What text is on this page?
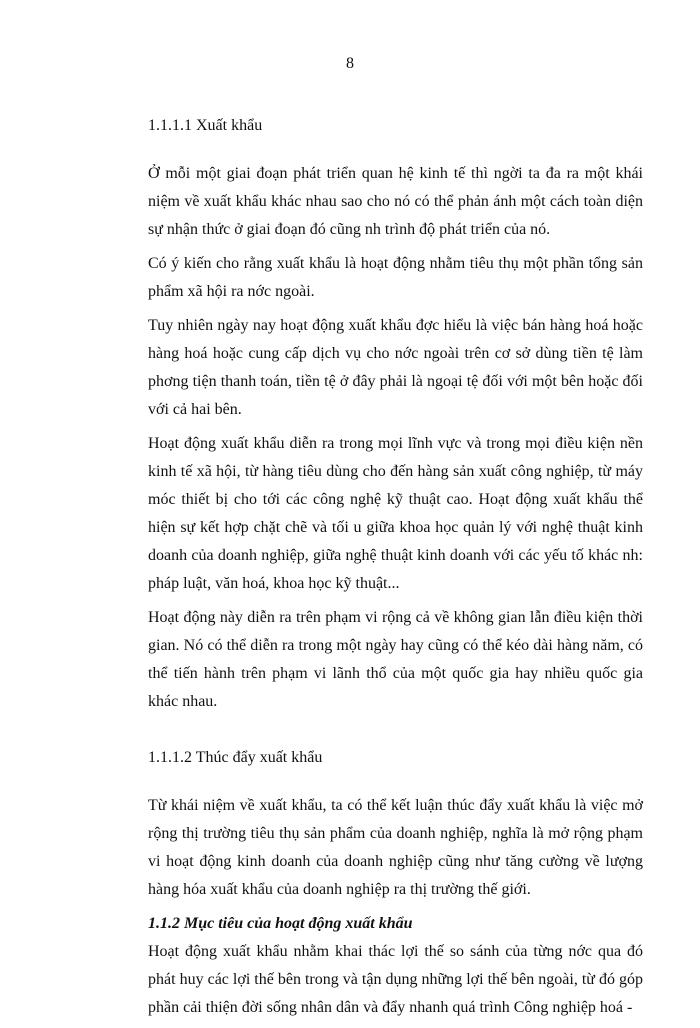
8
1.1.1.1 Xuất khẩu

Ở mỗi một giai đoạn phát triển quan hệ kinh tế thì ngời ta đa ra một khái niệm về xuất khẩu khác nhau sao cho nó có thể phản ánh một cách toàn diện sự nhận thức ở giai đoạn đó cũng nh trình độ phát triển của nó.

Có ý kiến cho rằng xuất khẩu là hoạt động nhằm tiêu thụ một phần tổng sản phẩm xã hội ra nớc ngoài.

Tuy nhiên ngày nay hoạt động xuất khẩu đợc hiểu là việc bán hàng hoá hoặc hàng hoá hoặc cung cấp dịch vụ cho nớc ngoài trên cơ sở dùng tiền tệ làm phơng tiện thanh toán, tiền tệ ở đây phải là ngoại tệ đối với một bên hoặc đối với cả hai bên.

Hoạt động xuất khẩu diễn ra trong mọi lĩnh vực và trong mọi điều kiện nền kinh tế xã hội, từ hàng tiêu dùng cho đến hàng sản xuất công nghiệp, từ máy móc thiết bị cho tới các công nghệ kỹ thuật cao. Hoạt động xuất khẩu thể hiện sự kết hợp chặt chẽ và tối u giữa khoa học quản lý với nghệ thuật kinh doanh của doanh nghiệp, giữa nghệ thuật kinh doanh với các yếu tố khác nh: pháp luật, văn hoá, khoa học kỹ thuật...

Hoạt động này diễn ra trên phạm vi rộng cả về không gian lẫn điều kiện thời gian. Nó có thể diễn ra trong một ngày hay cũng có thể kéo dài hàng năm, có thể tiến hành trên phạm vi lãnh thổ của một quốc gia hay nhiều quốc gia khác nhau.

1.1.1.2 Thúc đẩy xuất khẩu

Từ khái niệm về xuất khẩu, ta có thể kết luận thúc đẩy xuất khẩu là việc mở rộng thị trường tiêu thụ sản phẩm của doanh nghiệp, nghĩa là mở rộng phạm vi hoạt động kinh doanh của doanh nghiệp cũng như tăng cường về lượng hàng hóa xuất khẩu của doanh nghiệp ra thị trường thế giới.

1.1.2 Mục tiêu của hoạt động xuất khẩu

Hoạt động xuất khẩu nhằm khai thác lợi thế so sánh của từng nớc qua đó phát huy các lợi thế bên trong và tận dụng những lợi thế bên ngoài, từ đó góp phần cải thiện đời sống nhân dân và đẩy nhanh quá trình Công nghiệp hoá -
